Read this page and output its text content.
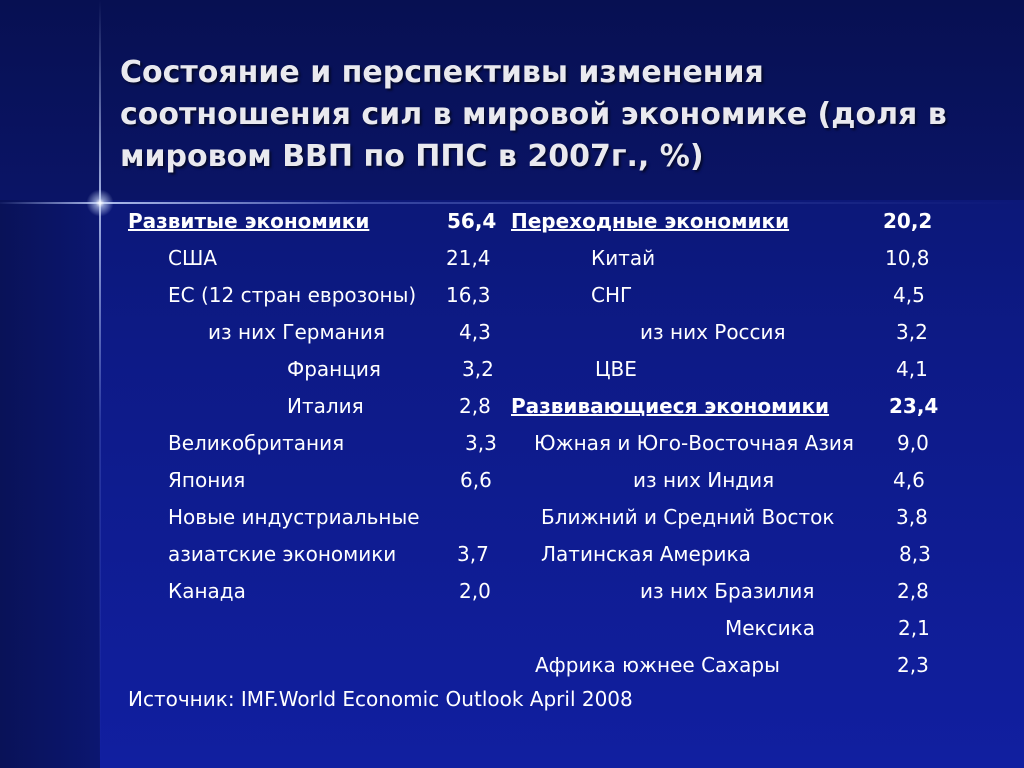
Состояние и перспективы изменения соотношения сил в мировой экономике (доля в мировом ВВП по ППС в 2007г., %)
Развитые экономики	56,4
США	21,4
ЕС (12 стран еврозоны) 16,3
из них Германия	4,3
Франция	3,2
Италия	2,8
Великобритания	3,3
Япония	6,6
Новые индустриальные
азиатские экономики	3,7
Канада	2,0
Переходные экономики	20,2
Китай	10,8
СНГ	4,5
из них Россия	3,2
ЦВЕ	4,1
Развивающиеся экономики	23,4
Южная и Юго-Восточная Азия 9,0
из них Индия	4,6
Ближний и Средний Восток	3,8
Латинская Америка	8,3
из них Бразилия	2,8
Мексика	2,1
Африка южнее Сахары	2,3
Источник: IMF.World Economic Outlook April 2008
